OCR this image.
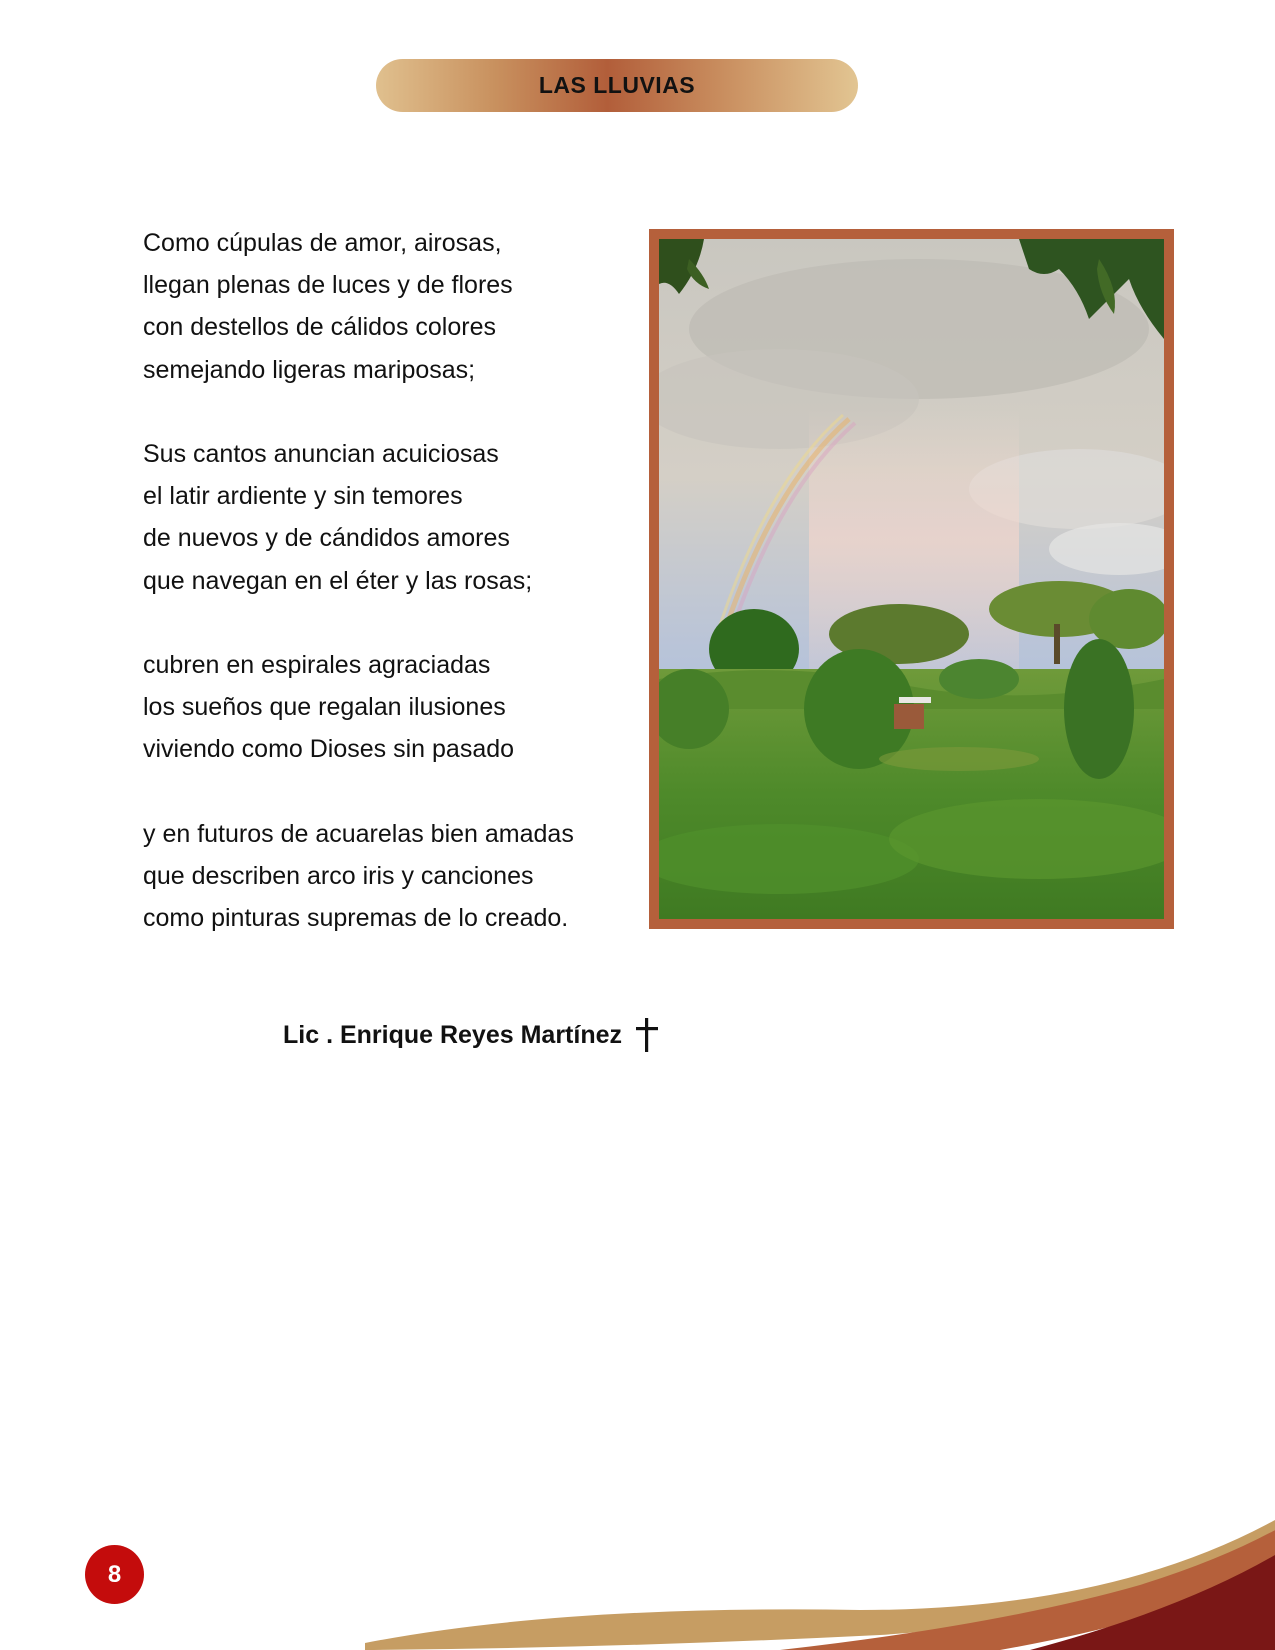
LAS LLUVIAS
Como cúpulas de amor, airosas,
llegan plenas de luces y de flores
con destellos de cálidos colores
semejando ligeras mariposas;
Sus cantos anuncian acuiciosas
el latir ardiente y sin temores
de nuevos y de cándidos amores
que navegan en el éter y las rosas;
cubren en espirales agraciadas
los sueños que regalan ilusiones
viviendo como Dioses sin pasado
y en futuros de acuarelas bien amadas
que describen arco iris y canciones
como pinturas supremas de lo creado.
Lic . Enrique Reyes Martínez
8
